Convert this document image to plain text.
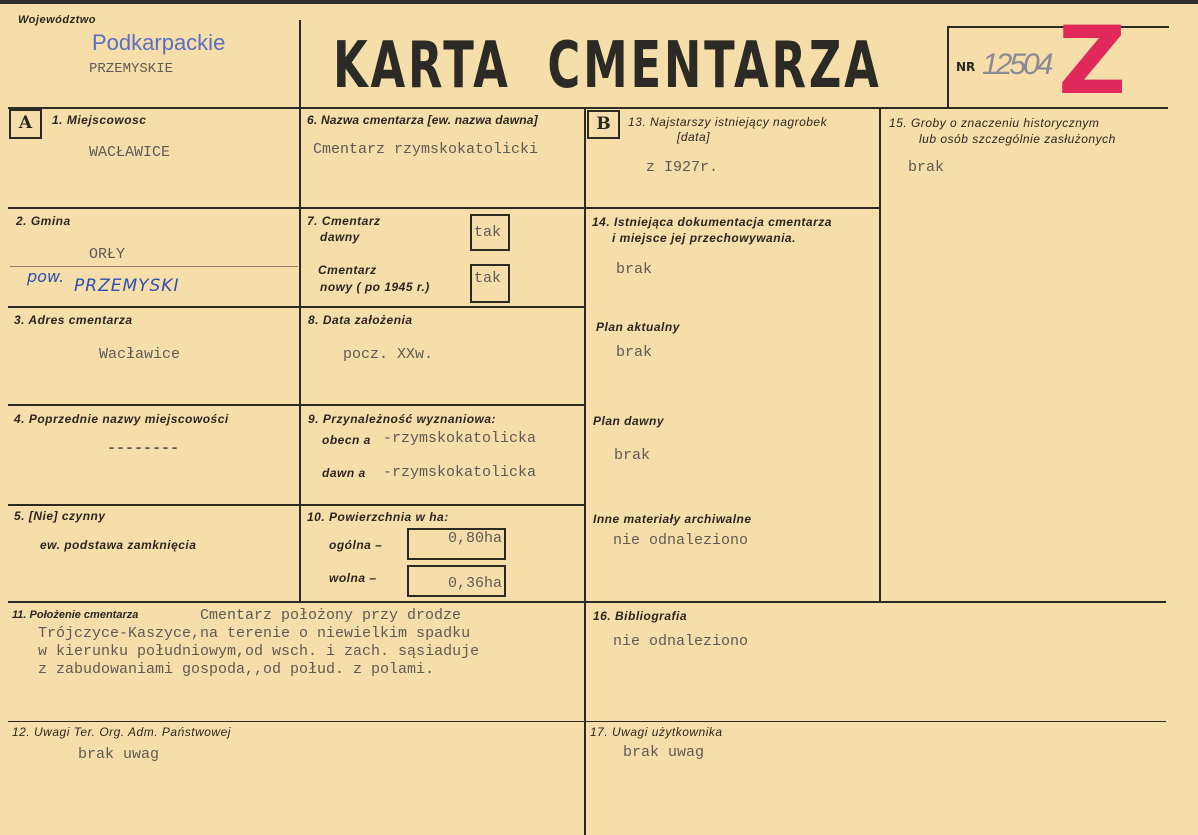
Województwo
Podkarpackie
PRZEMYSKIE KARTA  CMENTARZA	NR 12504 Z
A	1. Miejscowosc
WACŁAWICE
2. Gmina
ORŁY
pow. PRZEMYSKI
3. Adres cmentarza
Wacławice
4. Poprzednie nazwy miejscowości
--------
5. [Nie] czynny
ew. podstawa zamknięcia
6. Nazwa cmentarza [ew. nazwa dawna]
Cmentarz rzymskokatolicki
7. Cmentarz
dawny	tak
Cmentarz
nowy ( po 1945 r.)	tak
8. Data założenia
pocz. XXw.
9. Przynależność wyznaniowa:
obecn a -rzymskokatolicka
dawn a -rzymskokatolicka
10. Powierzchnia w ha:
ogólna –	0,80ha
wolna –	0,36ha
B	13. Najstarszy istniejący nagrobek
[data]
z I927r.
14. Istniejąca dokumentacja cmentarza
i miejsce jej przechowywania.
brak
Plan aktualny
brak
Plan dawny
brak
Inne materiały archiwalne
nie odnaleziono
15. Groby o znaczeniu historycznym
lub osób szczególnie zasłużonych
brak
11. Położenie cmentarza	Cmentarz położony przy drodze
Trójczyce-Kaszyce,na terenie o niewielkim spadku
w kierunku południowym,od wsch. i zach. sąsiaduje
z zabudowaniami gospoda,,od połud. z polami.
12. Uwagi Ter. Org. Adm. Państwowej
brak uwag
16. Bibliografia
nie odnaleziono
17. Uwagi użytkownika
brak uwag
